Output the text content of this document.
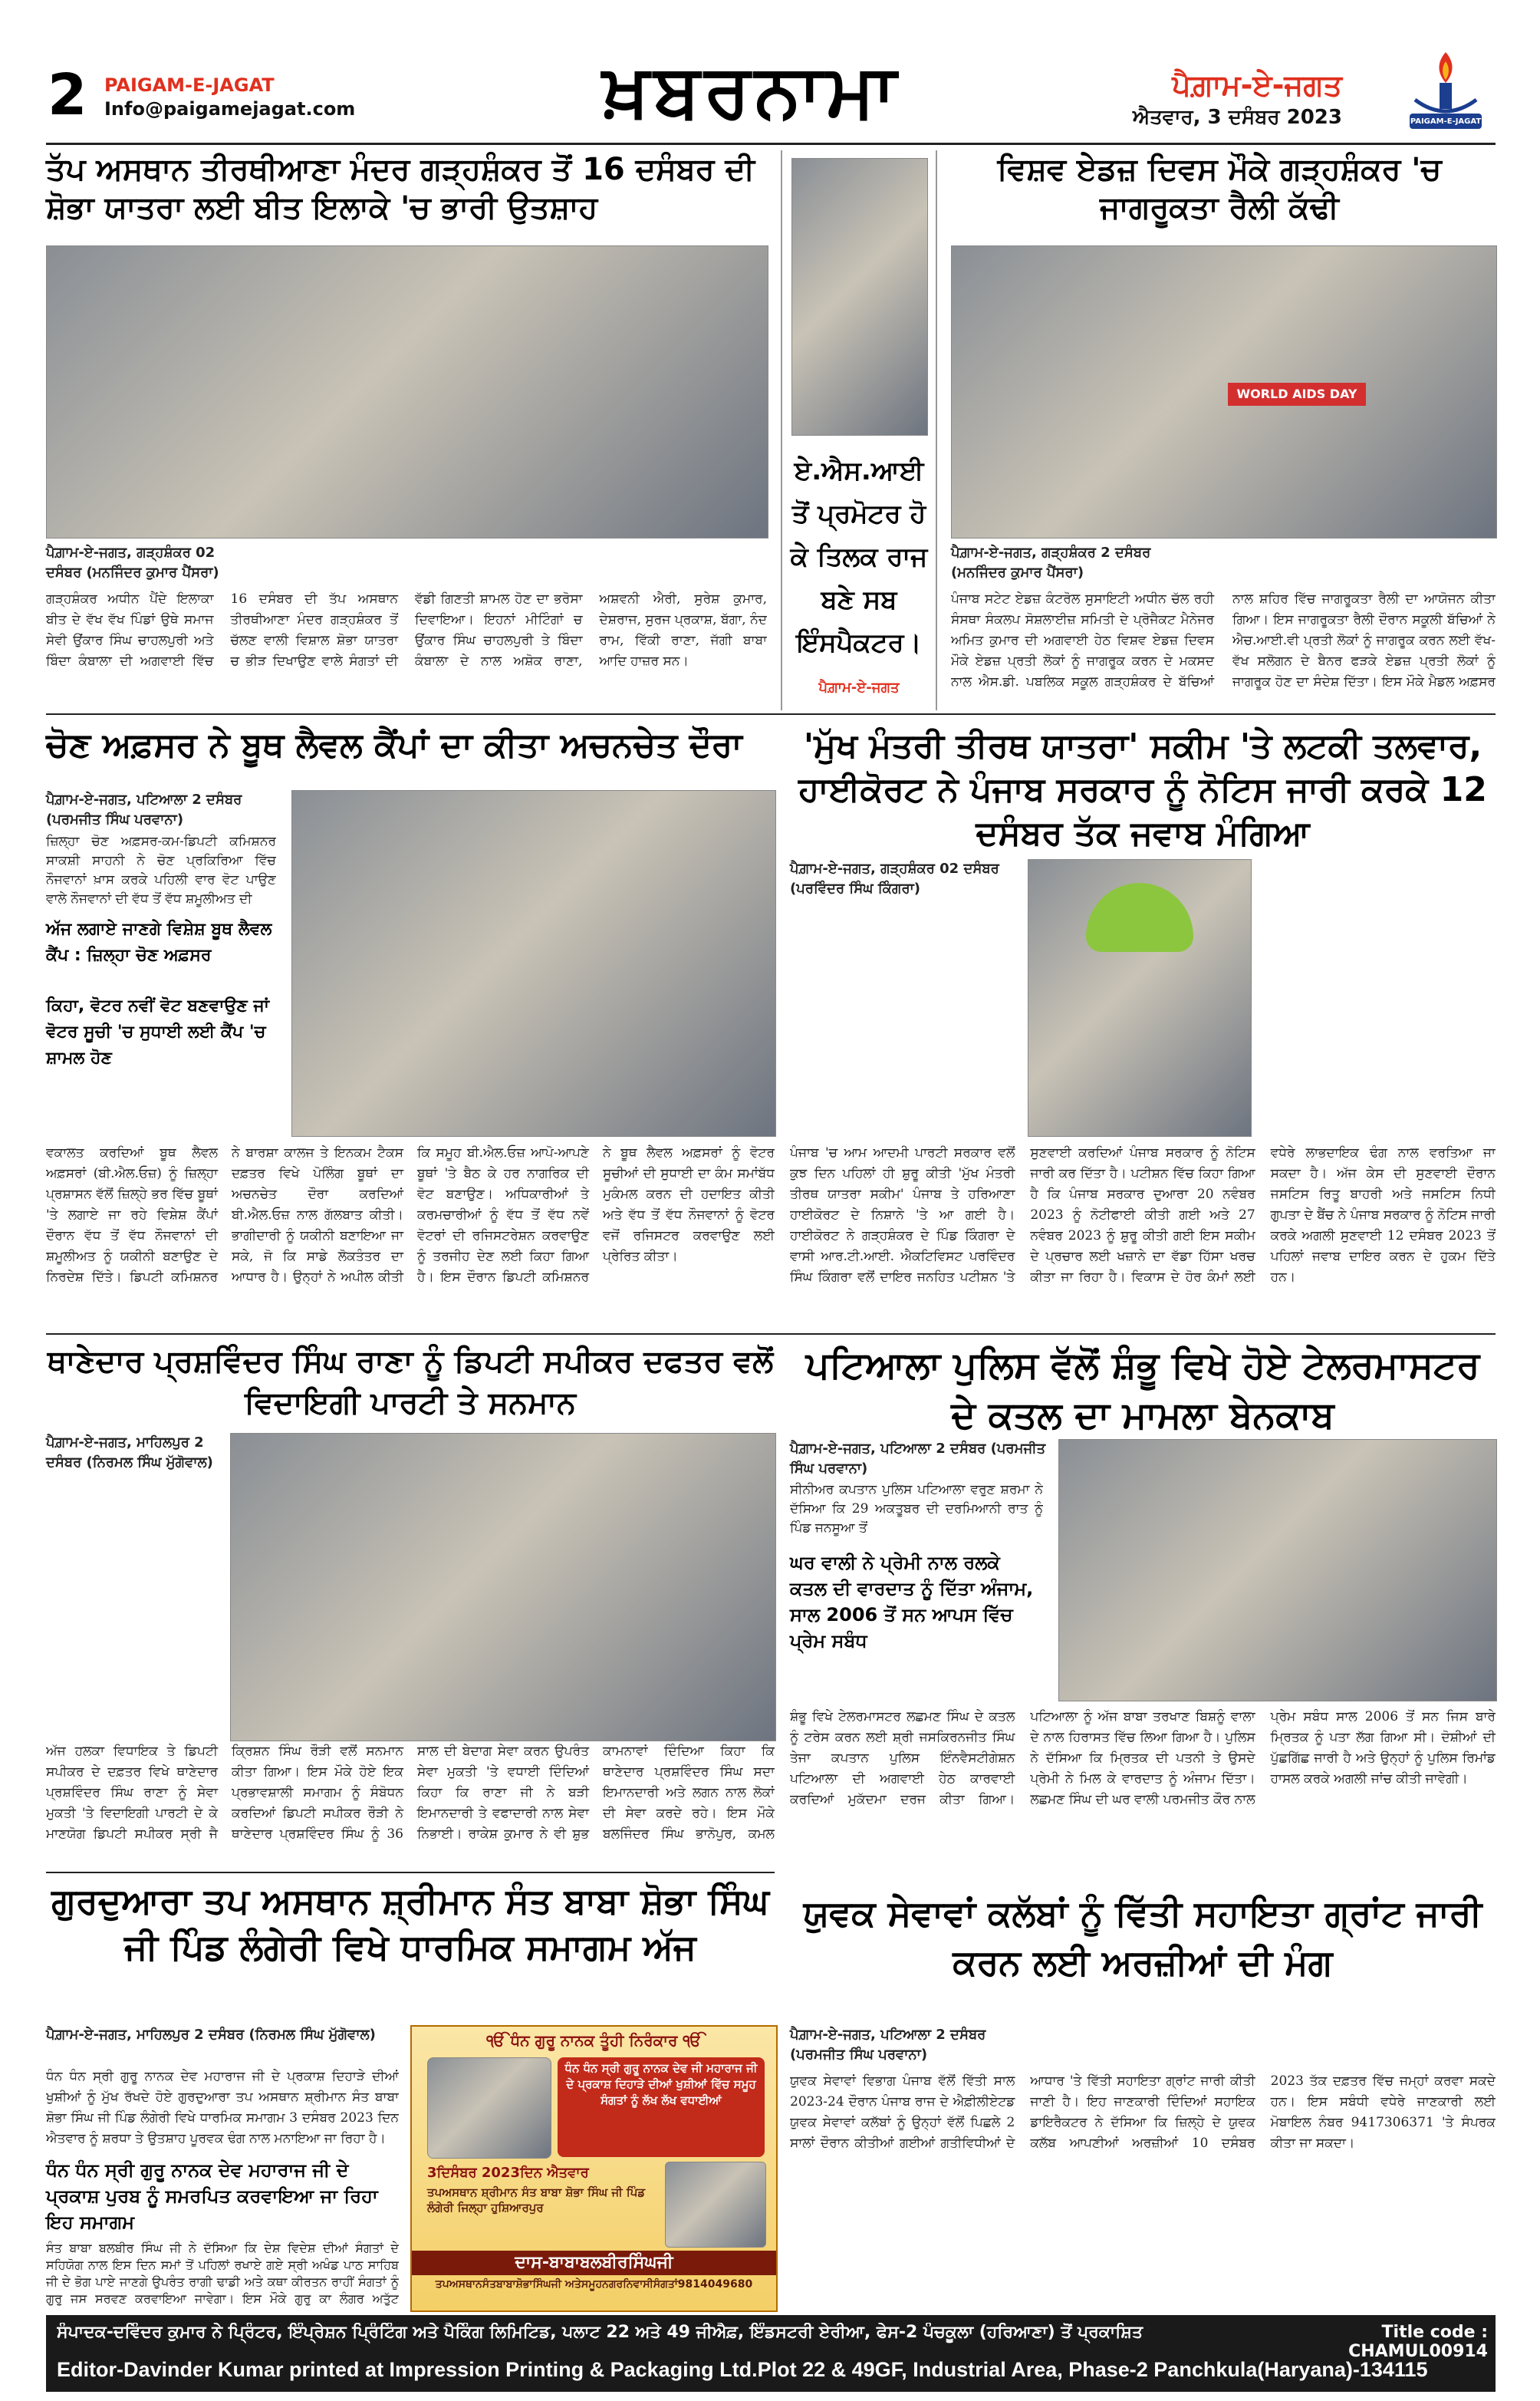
2 PAIGAM-E-JAGAT
Info@paigamejagat.com	ਖ਼ਬਰਨਾਮਾ	ਪੈਗ਼ਾਮ-ਏ-ਜਗਤ
ਐਤਵਾਰ, 3 ਦਸੰਬਰ 2023	PAIGAM-E-JAGAT
ਤੱਪ ਅਸਥਾਨ ਤੀਰਥੀਆਣਾ ਮੰਦਰ ਗੜ੍ਹਸ਼ੰਕਰ ਤੋਂ 16 ਦਸੰਬਰ ਦੀ ਸ਼ੋਭਾ ਯਾਤਰਾ ਲਈ ਬੀਤ ਇਲਾਕੇ 'ਚ ਭਾਰੀ ਉਤਸ਼ਾਹ
ਪੈਗ਼ਾਮ-ਏ-ਜਗਤ, ਗੜ੍ਹਸ਼ੰਕਰ 02 ਦਸੰਬਰ (ਮਨਜਿੰਦਰ ਕੁਮਾਰ ਪੈਂਸਰਾ)
ਗੜ੍ਹਸ਼ੰਕਰ ਅਧੀਨ ਪੈਂਦੇ ਇਲਾਕਾ ਬੀਤ ਦੇ ਵੱਖ ਵੱਖ ਪਿੰਡਾਂ ਉਥੇ ਸਮਾਜ ਸੇਵੀ ਉਂਕਾਰ ਸਿੰਘ ਚਾਹਲਪੁਰੀ ਅਤੇ ਬਿੰਦਾ ਕੰਬਾਲਾ ਦੀ ਅਗਵਾਈ ਵਿੱਚ 16 ਦਸੰਬਰ ਦੀ ਤੱਪ ਅਸਥਾਨ ਤੀਰਥੀਆਣਾ ਮੰਦਰ ਗੜ੍ਹਸ਼ੰਕਰ ਤੋਂ ਚੱਲਣ ਵਾਲੀ ਵਿਸ਼ਾਲ ਸ਼ੋਭਾ ਯਾਤਰਾ ਚ ਭੀੜ ਦਿਖਾਉਣ ਵਾਲੇ ਸੰਗਤਾਂ ਦੀ ਵੱਡੀ ਗਿਣਤੀ ਸ਼ਾਮਲ ਹੋਣ ਦਾ ਭਰੋਸਾ ਦਿਵਾਇਆ। ਇਹਨਾਂ ਮੀਟਿੰਗਾਂ ਚ ਉਂਕਾਰ ਸਿੰਘ ਚਾਹਲਪੁਰੀ ਤੇ ਬਿੰਦਾ ਕੰਬਾਲਾ ਦੇ ਨਾਲ ਅਸ਼ੋਕ ਰਾਣਾ, ਅਸ਼ਵਨੀ ਐਰੀ, ਸੁਰੇਸ਼ ਕੁਮਾਰ, ਦੇਸ਼ਰਾਜ, ਸੁਰਜ ਪ੍ਰਕਾਸ਼, ਬੱਗਾ, ਨੰਦ ਰਾਮ, ਵਿੱਕੀ ਰਾਣਾ, ਜੱਗੀ ਬਾਬਾ ਆਦਿ ਹਾਜ਼ਰ ਸਨ।
ਏ.ਐਸ.ਆਈ ਤੋਂ ਪ੍ਰਮੋਟਰ ਹੋ ਕੇ ਤਿਲਕ ਰਾਜ ਬਣੇ ਸਬ ਇੰਸਪੈਕਟਰ।
ਪੈਗ਼ਾਮ-ਏ-ਜਗਤ
ਵਿਸ਼ਵ ਏਡਜ਼ ਦਿਵਸ ਮੌਕੇ ਗੜ੍ਹਸ਼ੰਕਰ 'ਚ ਜਾਗਰੂਕਤਾ ਰੈਲੀ ਕੱਢੀ
WORLD AIDS DAY
ਪੈਗ਼ਾਮ-ਏ-ਜਗਤ, ਗੜ੍ਹਸ਼ੰਕਰ 2 ਦਸੰਬਰ (ਮਨਜਿੰਦਰ ਕੁਮਾਰ ਪੈਂਸਰਾ)
ਪੰਜਾਬ ਸਟੇਟ ਏਡਜ਼ ਕੰਟਰੋਲ ਸੁਸਾਇਟੀ ਅਧੀਨ ਚੱਲ ਰਹੀ ਸੰਸਥਾ ਸੰਕਲਪ ਸੋਸ਼ਲਾਈਜ਼ ਸਮਿਤੀ ਦੇ ਪ੍ਰੋਜੈਕਟ ਮੈਨੇਜਰ ਅਮਿਤ ਕੁਮਾਰ ਦੀ ਅਗਵਾਈ ਹੇਠ ਵਿਸ਼ਵ ਏਡਜ਼ ਦਿਵਸ ਮੌਕੇ ਏਡਜ਼ ਪ੍ਰਤੀ ਲੋਕਾਂ ਨੂੰ ਜਾਗਰੂਕ ਕਰਨ ਦੇ ਮਕਸਦ ਨਾਲ ਐਸ.ਡੀ. ਪਬਲਿਕ ਸਕੂਲ ਗੜ੍ਹਸ਼ੰਕਰ ਦੇ ਬੱਚਿਆਂ ਨਾਲ ਸ਼ਹਿਰ ਵਿੱਚ ਜਾਗਰੂਕਤਾ ਰੈਲੀ ਦਾ ਆਯੋਜਨ ਕੀਤਾ ਗਿਆ। ਇਸ ਜਾਗਰੂਕਤਾ ਰੈਲੀ ਦੌਰਾਨ ਸਕੂਲੀ ਬੱਚਿਆਂ ਨੇ ਐਚ.ਆਈ.ਵੀ ਪ੍ਰਤੀ ਲੋਕਾਂ ਨੂੰ ਜਾਗਰੂਕ ਕਰਨ ਲਈ ਵੱਖ-ਵੱਖ ਸਲੋਗਨ ਦੇ ਬੈਨਰ ਫੜਕੇ ਏਡਜ਼ ਪ੍ਰਤੀ ਲੋਕਾਂ ਨੂੰ ਜਾਗਰੂਕ ਹੋਣ ਦਾ ਸੰਦੇਸ਼ ਦਿੱਤਾ। ਇਸ ਮੌਕੇ ਮੈਡਲ ਅਫ਼ਸਰ
ਚੋਣ ਅਫ਼ਸਰ ਨੇ ਬੂਥ ਲੈਵਲ ਕੈਂਪਾਂ ਦਾ ਕੀਤਾ ਅਚਨਚੇਤ ਦੌਰਾ
ਪੈਗ਼ਾਮ-ਏ-ਜਗਤ, ਪਟਿਆਲਾ 2 ਦਸੰਬਰ (ਪਰਮਜੀਤ ਸਿੰਘ ਪਰਵਾਨਾ)
ਜ਼ਿਲ੍ਹਾ ਚੋਣ ਅਫ਼ਸਰ-ਕਮ-ਡਿਪਟੀ ਕਮਿਸ਼ਨਰ ਸਾਕਸ਼ੀ ਸਾਹਨੀ ਨੇ ਚੋਣ ਪ੍ਰਕਿਰਿਆ ਵਿੱਚ ਨੌਜਵਾਨਾਂ ਖ਼ਾਸ ਕਰਕੇ ਪਹਿਲੀ ਵਾਰ ਵੋਟ ਪਾਉਣ ਵਾਲੇ ਨੌਜਵਾਨਾਂ ਦੀ ਵੱਧ ਤੋਂ ਵੱਧ ਸ਼ਮੂਲੀਅਤ ਦੀ
ਅੱਜ ਲਗਾਏ ਜਾਣਗੇ ਵਿਸ਼ੇਸ਼ ਬੂਥ ਲੈਵਲ ਕੈਂਪ : ਜ਼ਿਲ੍ਹਾ ਚੋਣ ਅਫ਼ਸਰ
ਕਿਹਾ, ਵੋਟਰ ਨਵੀਂ ਵੋਟ ਬਣਵਾਉਣ ਜਾਂ ਵੋਟਰ ਸੂਚੀ 'ਚ ਸੁਧਾਈ ਲਈ ਕੈਂਪ 'ਚ ਸ਼ਾਮਲ ਹੋਣ
ਵਕਾਲਤ ਕਰਦਿਆਂ ਬੂਥ ਲੈਵਲ ਅਫ਼ਸਰਾਂ (ਬੀ.ਐਲ.ਓਜ਼) ਨੂੰ ਜ਼ਿਲ੍ਹਾ ਪ੍ਰਸ਼ਾਸਨ ਵੱਲੋਂ ਜ਼ਿਲ੍ਹੇ ਭਰ ਵਿੱਚ ਬੂਥਾਂ 'ਤੇ ਲਗਾਏ ਜਾ ਰਹੇ ਵਿਸ਼ੇਸ਼ ਕੈਂਪਾਂ ਦੌਰਾਨ ਵੱਧ ਤੋਂ ਵੱਧ ਨੌਜਵਾਨਾਂ ਦੀ ਸ਼ਮੂਲੀਅਤ ਨੂੰ ਯਕੀਨੀ ਬਣਾਉਣ ਦੇ ਨਿਰਦੇਸ਼ ਦਿੱਤੇ। ਡਿਪਟੀ ਕਮਿਸ਼ਨਰ ਨੇ ਬਾਰਸ਼ਾ ਕਾਲਜ ਤੇ ਇਨਕਮ ਟੈਕਸ ਦਫ਼ਤਰ ਵਿਖੇ ਪੋਲਿੰਗ ਬੂਥਾਂ ਦਾ ਅਚਨਚੇਤ ਦੌਰਾ ਕਰਦਿਆਂ ਬੀ.ਐਲ.ਓਜ਼ ਨਾਲ ਗੱਲਬਾਤ ਕੀਤੀ। ਭਾਗੀਦਾਰੀ ਨੂੰ ਯਕੀਨੀ ਬਣਾਇਆ ਜਾ ਸਕੇ, ਜੋ ਕਿ ਸਾਡੇ ਲੋਕਤੰਤਰ ਦਾ ਆਧਾਰ ਹੈ। ਉਨ੍ਹਾਂ ਨੇ ਅਪੀਲ ਕੀਤੀ ਕਿ ਸਮੂਹ ਬੀ.ਐਲ.ਓਜ਼ ਆਪੋ-ਆਪਣੇ ਬੂਥਾਂ 'ਤੇ ਬੈਠ ਕੇ ਹਰ ਨਾਗਰਿਕ ਦੀ ਵੋਟ ਬਣਾਉਣ। ਅਧਿਕਾਰੀਆਂ ਤੇ ਕਰਮਚਾਰੀਆਂ ਨੂੰ ਵੱਧ ਤੋਂ ਵੱਧ ਨਵੇਂ ਵੋਟਰਾਂ ਦੀ ਰਜਿਸਟਰੇਸ਼ਨ ਕਰਵਾਉਣ ਨੂੰ ਤਰਜੀਹ ਦੇਣ ਲਈ ਕਿਹਾ ਗਿਆ ਹੈ। ਇਸ ਦੌਰਾਨ ਡਿਪਟੀ ਕਮਿਸ਼ਨਰ ਨੇ ਬੂਥ ਲੈਵਲ ਅਫ਼ਸਰਾਂ ਨੂੰ ਵੋਟਰ ਸੂਚੀਆਂ ਦੀ ਸੁਧਾਈ ਦਾ ਕੰਮ ਸਮਾਂਬੱਧ ਮੁਕੰਮਲ ਕਰਨ ਦੀ ਹਦਾਇਤ ਕੀਤੀ ਅਤੇ ਵੱਧ ਤੋਂ ਵੱਧ ਨੌਜਵਾਨਾਂ ਨੂੰ ਵੋਟਰ ਵਜੋਂ ਰਜਿਸਟਰ ਕਰਵਾਉਣ ਲਈ ਪ੍ਰੇਰਿਤ ਕੀਤਾ।
'ਮੁੱਖ ਮੰਤਰੀ ਤੀਰਥ ਯਾਤਰਾ' ਸਕੀਮ 'ਤੇ ਲਟਕੀ ਤਲਵਾਰ, ਹਾਈਕੋਰਟ ਨੇ ਪੰਜਾਬ ਸਰਕਾਰ ਨੂੰ ਨੋਟਿਸ ਜਾਰੀ ਕਰਕੇ 12 ਦਸੰਬਰ ਤੱਕ ਜਵਾਬ ਮੰਗਿਆ
ਪੈਗ਼ਾਮ-ਏ-ਜਗਤ, ਗੜ੍ਹਸ਼ੰਕਰ 02 ਦਸੰਬਰ (ਪਰਵਿੰਦਰ ਸਿੰਘ ਕਿੰਗਰਾ)
ਪੰਜਾਬ 'ਚ ਆਮ ਆਦਮੀ ਪਾਰਟੀ ਸਰਕਾਰ ਵਲੋਂ ਕੁਝ ਦਿਨ ਪਹਿਲਾਂ ਹੀ ਸ਼ੁਰੂ ਕੀਤੀ 'ਮੁੱਖ ਮੰਤਰੀ ਤੀਰਥ ਯਾਤਰਾ ਸਕੀਮ' ਪੰਜਾਬ ਤੇ ਹਰਿਆਣਾ ਹਾਈਕੋਰਟ ਦੇ ਨਿਸ਼ਾਨੇ 'ਤੇ ਆ ਗਈ ਹੈ। ਹਾਈਕੋਰਟ ਨੇ ਗੜ੍ਹਸ਼ੰਕਰ ਦੇ ਪਿੰਡ ਕਿੰਗਰਾ ਦੇ ਵਾਸੀ ਆਰ.ਟੀ.ਆਈ. ਐਕਟਿਵਿਸਟ ਪਰਵਿੰਦਰ ਸਿੰਘ ਕਿੰਗਰਾ ਵਲੋਂ ਦਾਇਰ ਜਨਹਿਤ ਪਟੀਸ਼ਨ 'ਤੇ ਸੁਣਵਾਈ ਕਰਦਿਆਂ ਪੰਜਾਬ ਸਰਕਾਰ ਨੂੰ ਨੋਟਿਸ ਜਾਰੀ ਕਰ ਦਿੱਤਾ ਹੈ। ਪਟੀਸ਼ਨ ਵਿੱਚ ਕਿਹਾ ਗਿਆ ਹੈ ਕਿ ਪੰਜਾਬ ਸਰਕਾਰ ਦੁਆਰਾ 20 ਨਵੰਬਰ 2023 ਨੂੰ ਨੋਟੀਫਾਈ ਕੀਤੀ ਗਈ ਅਤੇ 27 ਨਵੰਬਰ 2023 ਨੂੰ ਸ਼ੁਰੂ ਕੀਤੀ ਗਈ ਇਸ ਸਕੀਮ ਦੇ ਪ੍ਰਚਾਰ ਲਈ ਖਜ਼ਾਨੇ ਦਾ ਵੱਡਾ ਹਿੱਸਾ ਖਰਚ ਕੀਤਾ ਜਾ ਰਿਹਾ ਹੈ। ਵਿਕਾਸ ਦੇ ਹੋਰ ਕੰਮਾਂ ਲਈ ਵਧੇਰੇ ਲਾਭਦਾਇਕ ਢੰਗ ਨਾਲ ਵਰਤਿਆ ਜਾ ਸਕਦਾ ਹੈ। ਅੱਜ ਕੇਸ ਦੀ ਸੁਣਵਾਈ ਦੌਰਾਨ ਜਸਟਿਸ ਰਿਤੂ ਬਾਹਰੀ ਅਤੇ ਜਸਟਿਸ ਨਿਧੀ ਗੁਪਤਾ ਦੇ ਬੈਂਚ ਨੇ ਪੰਜਾਬ ਸਰਕਾਰ ਨੂੰ ਨੋਟਿਸ ਜਾਰੀ ਕਰਕੇ ਅਗਲੀ ਸੁਣਵਾਈ 12 ਦਸੰਬਰ 2023 ਤੋਂ ਪਹਿਲਾਂ ਜਵਾਬ ਦਾਇਰ ਕਰਨ ਦੇ ਹੁਕਮ ਦਿੱਤੇ ਹਨ।
ਥਾਣੇਦਾਰ ਪ੍ਰਸ਼ਵਿੰਦਰ ਸਿੰਘ ਰਾਣਾ ਨੂੰ ਡਿਪਟੀ ਸਪੀਕਰ ਦਫਤਰ ਵਲੋਂ ਵਿਦਾਇਗੀ ਪਾਰਟੀ ਤੇ ਸਨਮਾਨ
ਪੈਗ਼ਾਮ-ਏ-ਜਗਤ, ਮਾਹਿਲਪੁਰ 2 ਦਸੰਬਰ (ਨਿਰਮਲ ਸਿੰਘ ਮੁੱਗੋਵਾਲ)
ਅੱਜ ਹਲਕਾ ਵਿਧਾਇਕ ਤੇ ਡਿਪਟੀ ਸਪੀਕਰ ਦੇ ਦਫ਼ਤਰ ਵਿਖੇ ਥਾਣੇਦਾਰ ਪ੍ਰਸ਼ਵਿੰਦਰ ਸਿੰਘ ਰਾਣਾ ਨੂੰ ਸੇਵਾ ਮੁਕਤੀ 'ਤੇ ਵਿਦਾਇਗੀ ਪਾਰਟੀ ਦੇ ਕੇ ਮਾਣਯੋਗ ਡਿਪਟੀ ਸਪੀਕਰ ਸ੍ਰੀ ਜੈ ਕ੍ਰਿਸ਼ਨ ਸਿੰਘ ਰੌੜੀ ਵਲੋਂ ਸਨਮਾਨ ਕੀਤਾ ਗਿਆ। ਇਸ ਮੌਕੇ ਹੋਏ ਇਕ ਪ੍ਰਭਾਵਸ਼ਾਲੀ ਸਮਾਗਮ ਨੂੰ ਸੰਬੋਧਨ ਕਰਦਿਆਂ ਡਿਪਟੀ ਸਪੀਕਰ ਰੌੜੀ ਨੇ ਥਾਣੇਦਾਰ ਪ੍ਰਸ਼ਵਿੰਦਰ ਸਿੰਘ ਨੂੰ 36 ਸਾਲ ਦੀ ਬੇਦਾਗ ਸੇਵਾ ਕਰਨ ਉਪਰੰਤ ਸੇਵਾ ਮੁਕਤੀ 'ਤੇ ਵਧਾਈ ਦਿੰਦਿਆਂ ਕਿਹਾ ਕਿ ਰਾਣਾ ਜੀ ਨੇ ਬੜੀ ਇਮਾਨਦਾਰੀ ਤੇ ਵਫਾਦਾਰੀ ਨਾਲ ਸੇਵਾ ਨਿਭਾਈ। ਰਾਕੇਸ਼ ਕੁਮਾਰ ਨੇ ਵੀ ਸ਼ੁਭ ਕਾਮਨਾਵਾਂ ਦਿੰਦਿਆ ਕਿਹਾ ਕਿ ਥਾਣੇਦਾਰ ਪ੍ਰਸ਼ਵਿੰਦਰ ਸਿੰਘ ਸਦਾ ਇਮਾਨਦਾਰੀ ਅਤੇ ਲਗਨ ਨਾਲ ਲੋਕਾਂ ਦੀ ਸੇਵਾ ਕਰਦੇ ਰਹੇ। ਇਸ ਮੌਕੇ ਬਲਜਿੰਦਰ ਸਿੰਘ ਭਾਨੋਪੁਰ, ਕਮਲ
ਪਟਿਆਲਾ ਪੁਲਿਸ ਵੱਲੋਂ ਸ਼ੰਭੂ ਵਿਖੇ ਹੋਏ ਟੇਲਰਮਾਸਟਰ ਦੇ ਕਤਲ ਦਾ ਮਾਮਲਾ ਬੇਨਕਾਬ
ਪੈਗ਼ਾਮ-ਏ-ਜਗਤ, ਪਟਿਆਲਾ 2 ਦਸੰਬਰ (ਪਰਮਜੀਤ ਸਿੰਘ ਪਰਵਾਨਾ)
ਸੀਨੀਅਰ ਕਪਤਾਨ ਪੁਲਿਸ ਪਟਿਆਲਾ ਵਰੁਣ ਸ਼ਰਮਾ ਨੇ ਦੱਸਿਆ ਕਿ 29 ਅਕਤੂਬਰ ਦੀ ਦਰਮਿਆਨੀ ਰਾਤ ਨੂੰ ਪਿੰਡ ਜਨਸੂਆ ਤੋਂ
ਘਰ ਵਾਲੀ ਨੇ ਪ੍ਰੇਮੀ ਨਾਲ ਰਲਕੇ ਕਤਲ ਦੀ ਵਾਰਦਾਤ ਨੂੰ ਦਿੱਤਾ ਅੰਜਾਮ, ਸਾਲ 2006 ਤੋਂ ਸਨ ਆਪਸ ਵਿੱਚ ਪ੍ਰੇਮ ਸਬੰਧ
ਸ਼ੰਭੂ ਵਿਖੇ ਟੇਲਰਮਾਸਟਰ ਲਛਮਣ ਸਿੰਘ ਦੇ ਕਤਲ ਨੂੰ ਟਰੇਸ ਕਰਨ ਲਈ ਸ਼੍ਰੀ ਜਸਕਿਰਨਜੀਤ ਸਿੰਘ ਤੇਜਾ ਕਪਤਾਨ ਪੁਲਿਸ ਇੰਨਵੈਸਟੀਗੇਸ਼ਨ ਪਟਿਆਲਾ ਦੀ ਅਗਵਾਈ ਹੇਠ ਕਾਰਵਾਈ ਕਰਦਿਆਂ ਮੁਕੱਦਮਾ ਦਰਜ ਕੀਤਾ ਗਿਆ। ਪਟਿਆਲਾ ਨੂੰ ਅੱਜ ਬਾਬਾ ਤਰਖਾਣ ਬਿਸ਼ਨੂੰ ਵਾਲਾ ਦੇ ਨਾਲ ਹਿਰਾਸਤ ਵਿੱਚ ਲਿਆ ਗਿਆ ਹੈ। ਪੁਲਿਸ ਨੇ ਦੱਸਿਆ ਕਿ ਮ੍ਰਿਤਕ ਦੀ ਪਤਨੀ ਤੇ ਉਸਦੇ ਪ੍ਰੇਮੀ ਨੇ ਮਿਲ ਕੇ ਵਾਰਦਾਤ ਨੂੰ ਅੰਜਾਮ ਦਿੱਤਾ। ਲਛਮਣ ਸਿੰਘ ਦੀ ਘਰ ਵਾਲੀ ਪਰਮਜੀਤ ਕੌਰ ਨਾਲ ਪ੍ਰੇਮ ਸਬੰਧ ਸਾਲ 2006 ਤੋਂ ਸਨ ਜਿਸ ਬਾਰੇ ਮ੍ਰਿਤਕ ਨੂੰ ਪਤਾ ਲੱਗ ਗਿਆ ਸੀ। ਦੋਸ਼ੀਆਂ ਦੀ ਪੁੱਛਗਿੱਛ ਜਾਰੀ ਹੈ ਅਤੇ ਉਨ੍ਹਾਂ ਨੂੰ ਪੁਲਿਸ ਰਿਮਾਂਡ ਹਾਸਲ ਕਰਕੇ ਅਗਲੀ ਜਾਂਚ ਕੀਤੀ ਜਾਵੇਗੀ।
ਗੁਰਦੁਆਰਾ ਤਪ ਅਸਥਾਨ ਸ਼੍ਰੀਮਾਨ ਸੰਤ ਬਾਬਾ ਸ਼ੋਭਾ ਸਿੰਘ ਜੀ ਪਿੰਡ ਲੰਗੇਰੀ ਵਿਖੇ ਧਾਰਮਿਕ ਸਮਾਗਮ ਅੱਜ
ਪੈਗ਼ਾਮ-ਏ-ਜਗਤ, ਮਾਹਿਲਪੁਰ 2 ਦਸੰਬਰ (ਨਿਰਮਲ ਸਿੰਘ ਮੁੱਗੋਵਾਲ)
ਧੰਨ ਧੰਨ ਸ੍ਰੀ ਗੁਰੂ ਨਾਨਕ ਦੇਵ ਮਹਾਰਾਜ ਜੀ ਦੇ ਪ੍ਰਕਾਸ਼ ਦਿਹਾੜੇ ਦੀਆਂ ਖੁਸ਼ੀਆਂ ਨੂੰ ਮੁੱਖ ਰੱਖਦੇ ਹੋਏ ਗੁਰਦੁਆਰਾ ਤਪ ਅਸਥਾਨ ਸ਼੍ਰੀਮਾਨ ਸੰਤ ਬਾਬਾ ਸ਼ੋਭਾ ਸਿੰਘ ਜੀ ਪਿੰਡ ਲੰਗੇਰੀ ਵਿਖੇ ਧਾਰਮਿਕ ਸਮਾਗਮ 3 ਦਸੰਬਰ 2023 ਦਿਨ ਐਤਵਾਰ ਨੂੰ ਸ਼ਰਧਾ ਤੇ ਉਤਸ਼ਾਹ ਪੂਰਵਕ ਢੰਗ ਨਾਲ ਮਨਾਇਆ ਜਾ ਰਿਹਾ ਹੈ।
ਧੰਨ ਧੰਨ ਸ੍ਰੀ ਗੁਰੂ ਨਾਨਕ ਦੇਵ ਮਹਾਰਾਜ ਜੀ ਦੇ ਪ੍ਰਕਾਸ਼ ਪੁਰਬ ਨੂੰ ਸਮਰਪਿਤ ਕਰਵਾਇਆ ਜਾ ਰਿਹਾ ਇਹ ਸਮਾਗਮ
ਸੰਤ ਬਾਬਾ ਬਲਬੀਰ ਸਿੰਘ ਜੀ ਨੇ ਦੱਸਿਆ ਕਿ ਦੇਸ਼ ਵਿਦੇਸ਼ ਦੀਆਂ ਸੰਗਤਾਂ ਦੇ ਸਹਿਯੋਗ ਨਾਲ ਇਸ ਦਿਨ ਸਮਾਂ ਤੋਂ ਪਹਿਲਾਂ ਰਖਾਏ ਗਏ ਸ੍ਰੀ ਅਖੰਡ ਪਾਠ ਸਾਹਿਬ ਜੀ ਦੇ ਭੋਗ ਪਾਏ ਜਾਣਗੇ ਉਪਰੰਤ ਰਾਗੀ ਢਾਡੀ ਅਤੇ ਕਥਾ ਕੀਰਤਨ ਰਾਹੀਂ ਸੰਗਤਾਂ ਨੂੰ ਗੁਰੂ ਜਸ ਸਰਵਣ ਕਰਵਾਇਆ ਜਾਵੇਗਾ। ਇਸ ਮੌਕੇ ਗੁਰੂ ਕਾ ਲੰਗਰ ਅਤੁੱਟ
ੴ ਧੰਨ ਗੁਰੂ ਨਾਨਕ ਤੂੰਹੀ ਨਿਰੰਕਾਰ ੴ
ਧੰਨ ਧੰਨ ਸ੍ਰੀ ਗੁਰੂ ਨਾਨਕ ਦੇਵ ਜੀ ਮਹਾਰਾਜ ਜੀ ਦੇ ਪ੍ਰਕਾਸ਼ ਦਿਹਾੜੇ ਦੀਆਂ ਖੁਸ਼ੀਆਂ ਵਿੱਚ ਸਮੂਹ ਸੰਗਤਾਂ ਨੂੰ ਲੱਖ ਲੱਖ ਵਧਾਈਆਂ
3ਦਿਸੰਬਰ 2023ਦਿਨ ਐਤਵਾਰ
ਤਪਅਸਥਾਨ ਸ਼੍ਰੀਮਾਨ ਸੰਤ ਬਾਬਾ ਸ਼ੋਭਾ ਸਿੰਘ ਜੀ ਪਿੰਡ ਲੰਗੇਰੀ ਜਿਲ੍ਹਾ ਹੁਸ਼ਿਆਰਪੁਰ
ਦਾਸ-ਬਾਬਾਬਲਬੀਰਸਿੰਘਜੀ
ਤਪਅਸਥਾਨਸੰਤਬਾਬਾਸ਼ੋਭਾਸਿੰਘਜੀ ਅਤੇਸਮੂਹਨਗਰਨਿਵਾਸੀਸੰਗਤਾਂ9814049680
ਯੁਵਕ ਸੇਵਾਵਾਂ ਕਲੱਬਾਂ ਨੂੰ ਵਿੱਤੀ ਸਹਾਇਤਾ ਗ੍ਰਾਂਟ ਜਾਰੀ ਕਰਨ ਲਈ ਅਰਜ਼ੀਆਂ ਦੀ ਮੰਗ
ਪੈਗ਼ਾਮ-ਏ-ਜਗਤ, ਪਟਿਆਲਾ 2 ਦਸੰਬਰ (ਪਰਮਜੀਤ ਸਿੰਘ ਪਰਵਾਨਾ)
ਯੁਵਕ ਸੇਵਾਵਾਂ ਵਿਭਾਗ ਪੰਜਾਬ ਵੱਲੋਂ ਵਿੱਤੀ ਸਾਲ 2023-24 ਦੌਰਾਨ ਪੰਜਾਬ ਰਾਜ ਦੇ ਐਫ਼ੀਲੀਏਟਡ ਯੁਵਕ ਸੇਵਾਵਾਂ ਕਲੱਬਾਂ ਨੂੰ ਉਨ੍ਹਾਂ ਵੱਲੋਂ ਪਿਛਲੇ 2 ਸਾਲਾਂ ਦੌਰਾਨ ਕੀਤੀਆਂ ਗਈਆਂ ਗਤੀਵਿਧੀਆਂ ਦੇ ਆਧਾਰ 'ਤੇ ਵਿੱਤੀ ਸਹਾਇਤਾ ਗ੍ਰਾਂਟ ਜਾਰੀ ਕੀਤੀ ਜਾਣੀ ਹੈ। ਇਹ ਜਾਣਕਾਰੀ ਦਿੰਦਿਆਂ ਸਹਾਇਕ ਡਾਇਰੈਕਟਰ ਨੇ ਦੱਸਿਆ ਕਿ ਜ਼ਿਲ੍ਹੇ ਦੇ ਯੁਵਕ ਕਲੱਬ ਆਪਣੀਆਂ ਅਰਜ਼ੀਆਂ 10 ਦਸੰਬਰ 2023 ਤੱਕ ਦਫ਼ਤਰ ਵਿੱਚ ਜਮ੍ਹਾਂ ਕਰਵਾ ਸਕਦੇ ਹਨ। ਇਸ ਸਬੰਧੀ ਵਧੇਰੇ ਜਾਣਕਾਰੀ ਲਈ ਮੋਬਾਇਲ ਨੰਬਰ 9417306371 'ਤੇ ਸੰਪਰਕ ਕੀਤਾ ਜਾ ਸਕਦਾ।
ਸੰਪਾਦਕ-ਦਵਿੰਦਰ ਕੁਮਾਰ ਨੇ ਪ੍ਰਿੰਟਰ, ਇੰਪ੍ਰੇਸ਼ਨ ਪ੍ਰਿੰਟਿੰਗ ਅਤੇ ਪੈਕਿੰਗ ਲਿਮਿਟਿਡ, ਪਲਾਟ 22 ਅਤੇ 49 ਜੀਐਫ਼, ਇੰਡਸਟਰੀ ਏਰੀਆ, ਫੇਸ-2 ਪੰਚਕੂਲਾ (ਹਰਿਆਣਾ) ਤੋਂ ਪ੍ਰਕਾਸ਼ਿਤ	Title code : CHAMUL00914
Editor-Davinder Kumar printed at Impression Printing & Packaging Ltd.Plot 22 & 49GF, Industrial Area, Phase-2 Panchkula(Haryana)-134115
